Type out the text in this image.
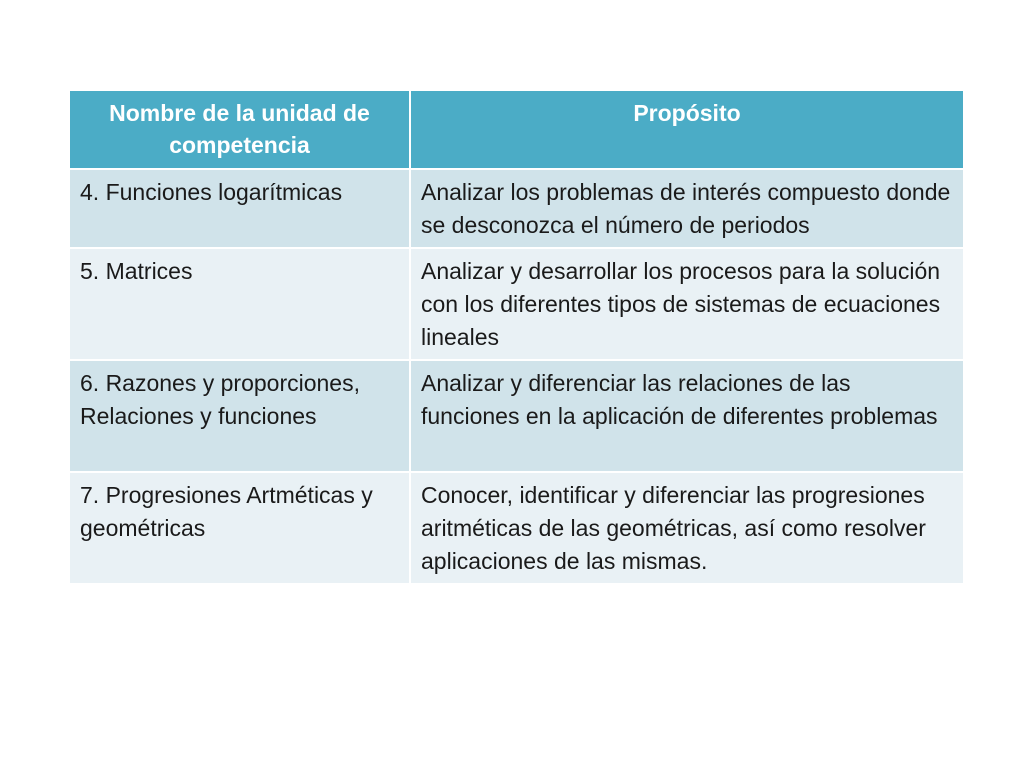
Nombre de la unidad de competencia	Propósito
4. Funciones logarítmicas	Analizar los problemas de interés compuesto donde se desconozca el número de periodos
5. Matrices	Analizar y desarrollar los procesos para la solución con los diferentes tipos de sistemas de ecuaciones lineales
6. Razones y proporciones, Relaciones y funciones	Analizar y diferenciar las relaciones de las funciones en la aplicación de diferentes problemas
7. Progresiones Artméticas y geométricas	Conocer, identificar y diferenciar las progresiones aritméticas de las geométricas, así como resolver aplicaciones de las mismas.
